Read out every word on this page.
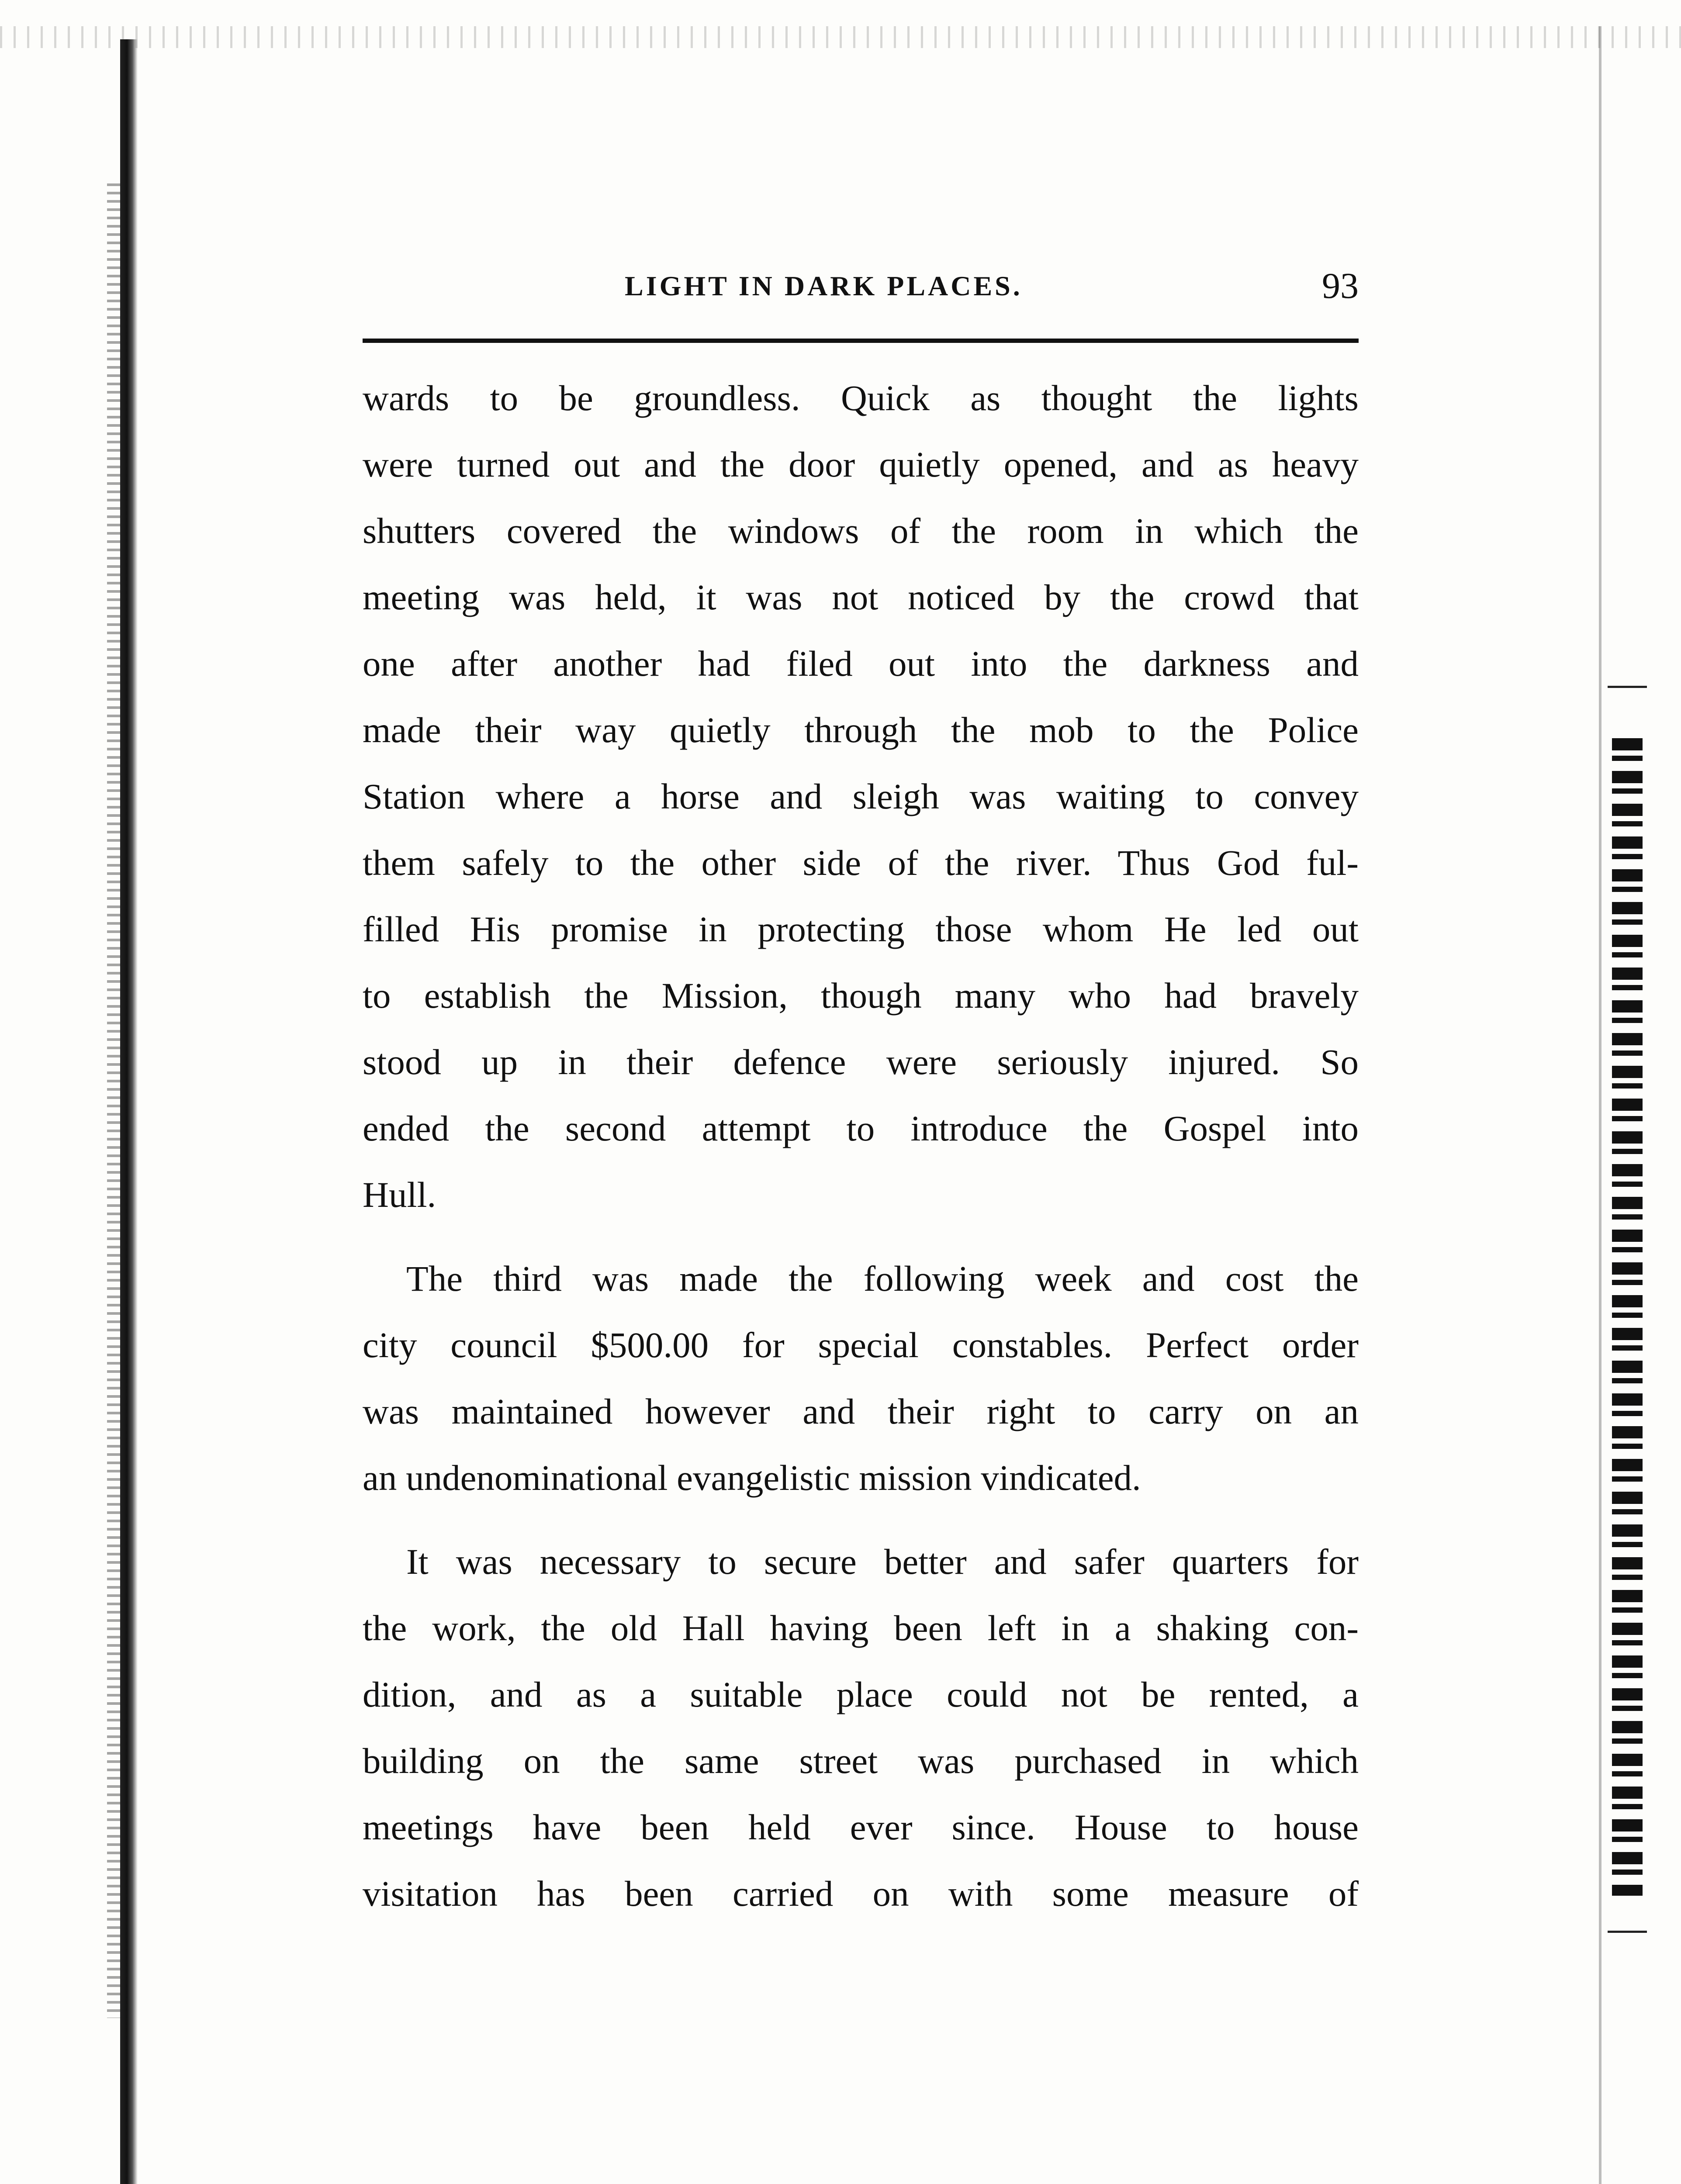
LIGHT IN DARK PLACES.	93

wards to be groundless. Quick as thought the lights
were turned out and the door quietly opened, and as heavy
shutters covered the windows of the room in which the
meeting was held, it was not noticed by the crowd that
one after another had filed out into the darkness and
made their way quietly through the mob to the Police
Station where a horse and sleigh was waiting to convey
them safely to the other side of the river. Thus God ful-
filled His promise in protecting those whom He led out
to establish the Mission, though many who had bravely
stood up in their defence were seriously injured. So
ended the second attempt to introduce the Gospel into
Hull.

The third was made the following week and cost the
city council $500.00 for special constables. Perfect order
was maintained however and their right to carry on an
an undenominational evangelistic mission vindicated.

It was necessary to secure better and safer quarters for
the work, the old Hall having been left in a shaking con-
dition, and as a suitable place could not be rented, a
building on the same street was purchased in which
meetings have been held ever since. House to house
visitation has been carried on with some measure of
